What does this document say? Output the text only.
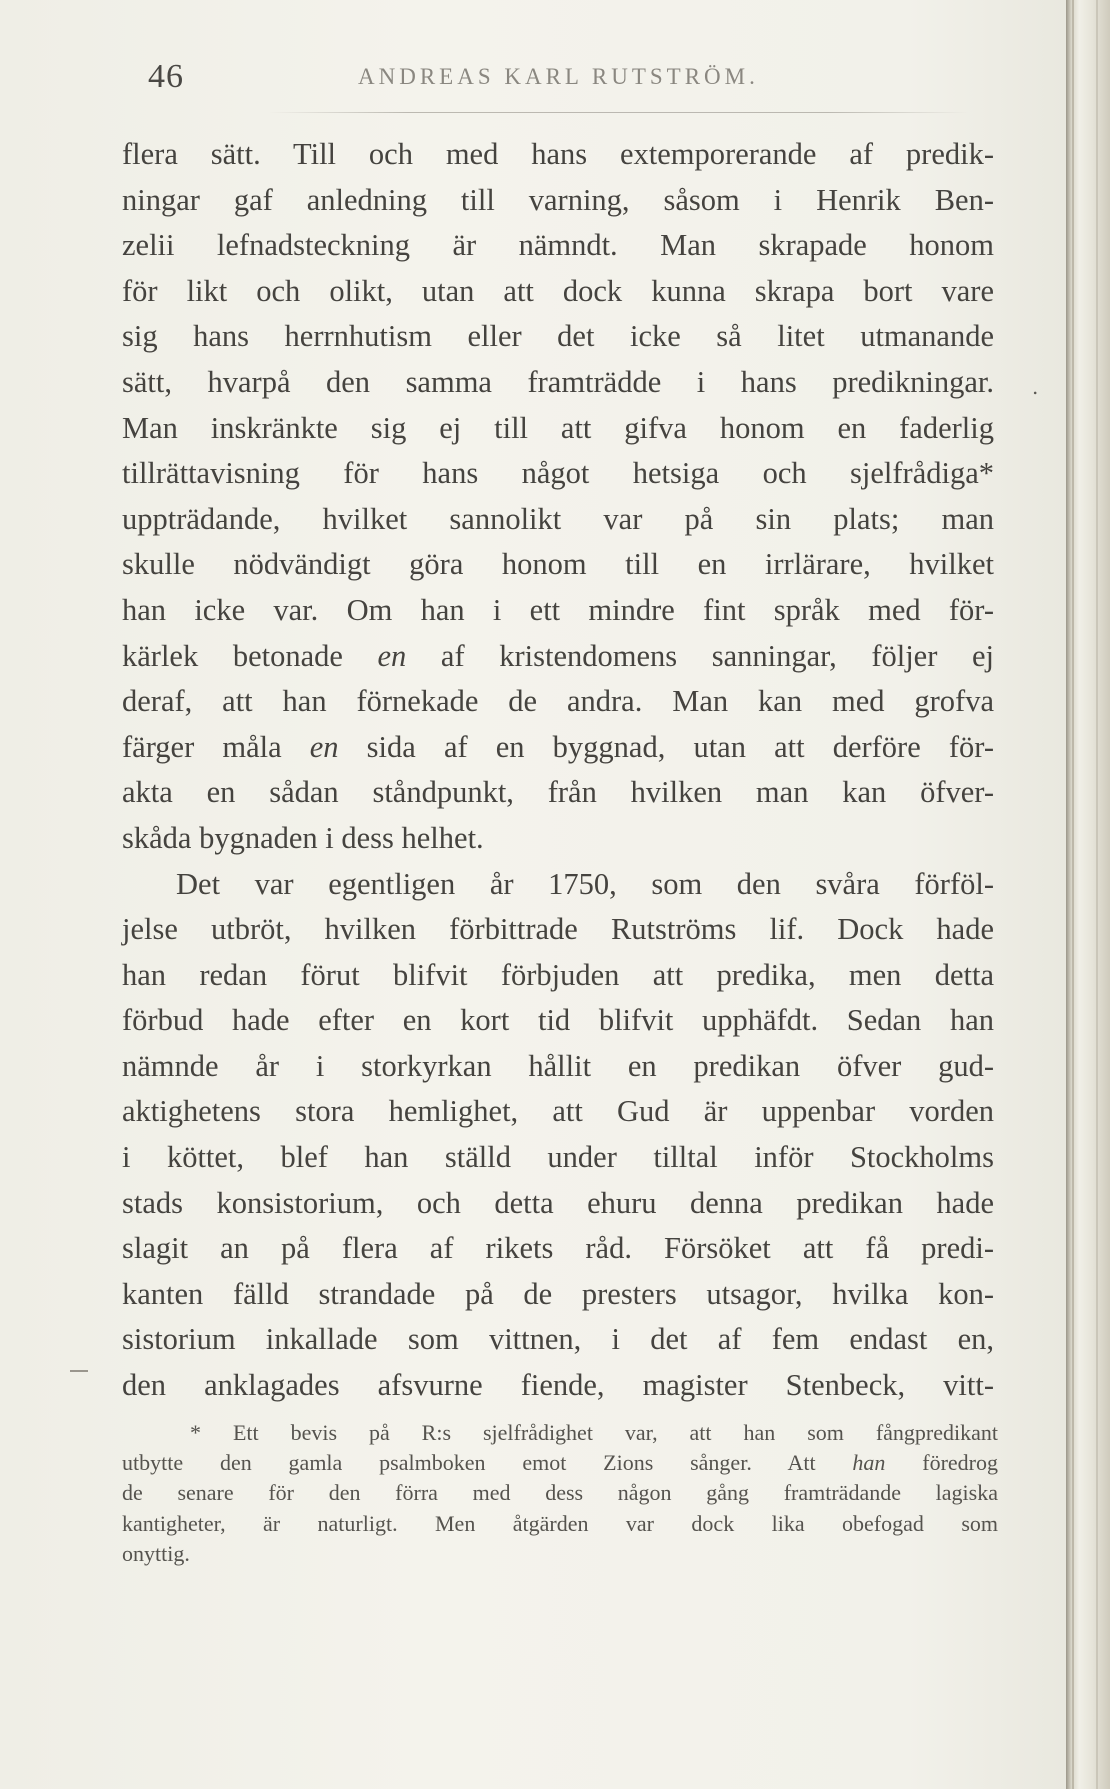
46	ANDREAS KARL RUTSTRÖM.
flera sätt. Till och med hans extemporerande af predik-
ningar gaf anledning till varning, såsom i Henrik Ben-
zelii lefnadsteckning är nämndt. Man skrapade honom
för likt och olikt, utan att dock kunna skrapa bort vare
sig hans herrnhutism eller det icke så litet utmanande
sätt, hvarpå den samma framträdde i hans predikningar.
Man inskränkte sig ej till att gifva honom en faderlig
tillrättavisning för hans något hetsiga och sjelfrådiga*
uppträdande, hvilket sannolikt var på sin plats; man
skulle nödvändigt göra honom till en irrlärare, hvilket
han icke var. Om han i ett mindre fint språk med för-
kärlek betonade en af kristendomens sanningar, följer ej
deraf, att han förnekade de andra. Man kan med grofva
färger måla en sida af en byggnad, utan att derföre för-
akta en sådan ståndpunkt, från hvilken man kan öfver-
skåda bygnaden i dess helhet.
Det var egentligen år 1750, som den svåra förföl-
jelse utbröt, hvilken förbittrade Rutströms lif. Dock hade
han redan förut blifvit förbjuden att predika, men detta
förbud hade efter en kort tid blifvit upphäfdt. Sedan han
nämnde år i storkyrkan hållit en predikan öfver gud-
aktighetens stora hemlighet, att Gud är uppenbar vorden
i köttet, blef han ställd under tilltal inför Stockholms
stads konsistorium, och detta ehuru denna predikan hade
slagit an på flera af rikets råd. Försöket att få predi-
kanten fälld strandade på de presters utsagor, hvilka kon-
sistorium inkallade som vittnen, i det af fem endast en,
den anklagades afsvurne fiende, magister Stenbeck, vitt-
.
* Ett bevis på R:s sjelfrådighet var, att han som fångpredikant
utbytte den gamla psalmboken emot Zions sånger. Att han föredrog
de senare för den förra med dess någon gång framträdande lagiska
kantigheter, är naturligt. Men åtgärden var dock lika obefogad som
onyttig.
